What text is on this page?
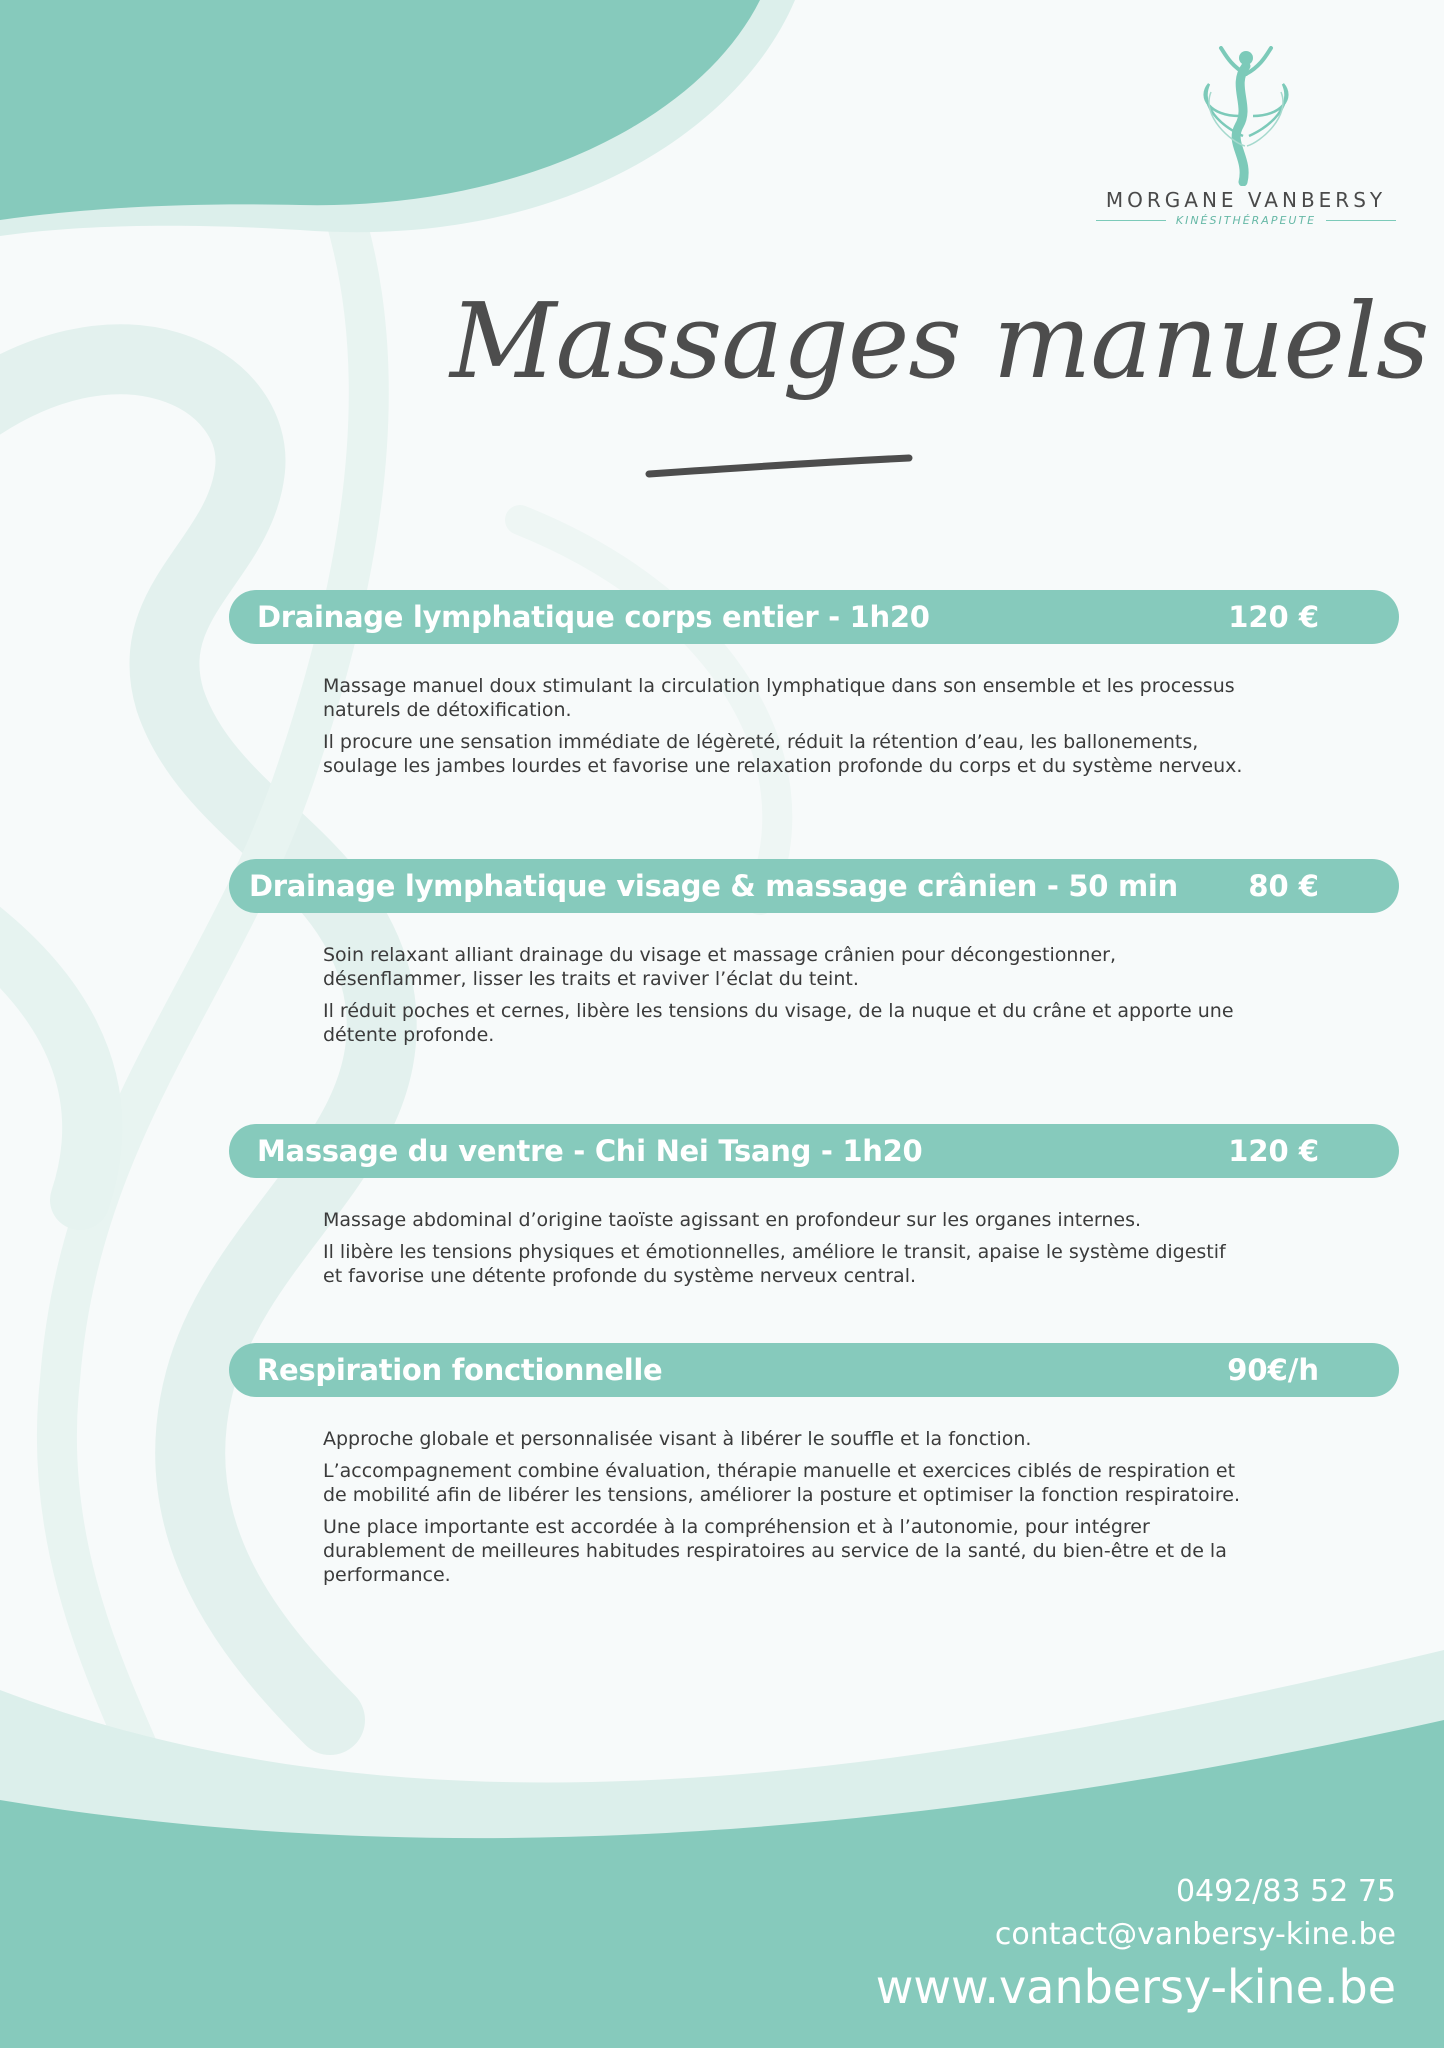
MORGANE VANBERSY
KINÉSITHÉRAPEUTE
Massages manuels
Drainage lymphatique corps entier - 1h20	120 €

Massage manuel doux stimulant la circulation lymphatique dans son ensemble et les processus naturels de détoxification.

Il procure une sensation immédiate de légèreté, réduit la rétention d’eau, les ballonements, soulage les jambes lourdes et favorise une relaxation profonde du corps et du système nerveux.

Drainage lymphatique visage & massage crânien - 50 min 80 €

Soin relaxant alliant drainage du visage et massage crânien pour décongestionner, désenflammer, lisser les traits et raviver l’éclat du teint.

Il réduit poches et cernes, libère les tensions du visage, de la nuque et du crâne et apporte une détente profonde.

Massage du ventre - Chi Nei Tsang - 1h20	120 €

Massage abdominal d’origine taoïste agissant en profondeur sur les organes internes.

Il libère les tensions physiques et émotionnelles, améliore le transit, apaise le système digestif et favorise une détente profonde du système nerveux central.

Respiration fonctionnelle	90€/h

Approche globale et personnalisée visant à libérer le souffle et la fonction.

L’accompagnement combine évaluation, thérapie manuelle et exercices ciblés de respiration et de mobilité afin de libérer les tensions, améliorer la posture et optimiser la fonction respiratoire.

Une place importante est accordée à la compréhension et à l’autonomie, pour intégrer durablement de meilleures habitudes respiratoires au service de la santé, du bien-être et de la performance.

0492/83 52 75
contact@vanbersy-kine.be
www.vanbersy-kine.be
